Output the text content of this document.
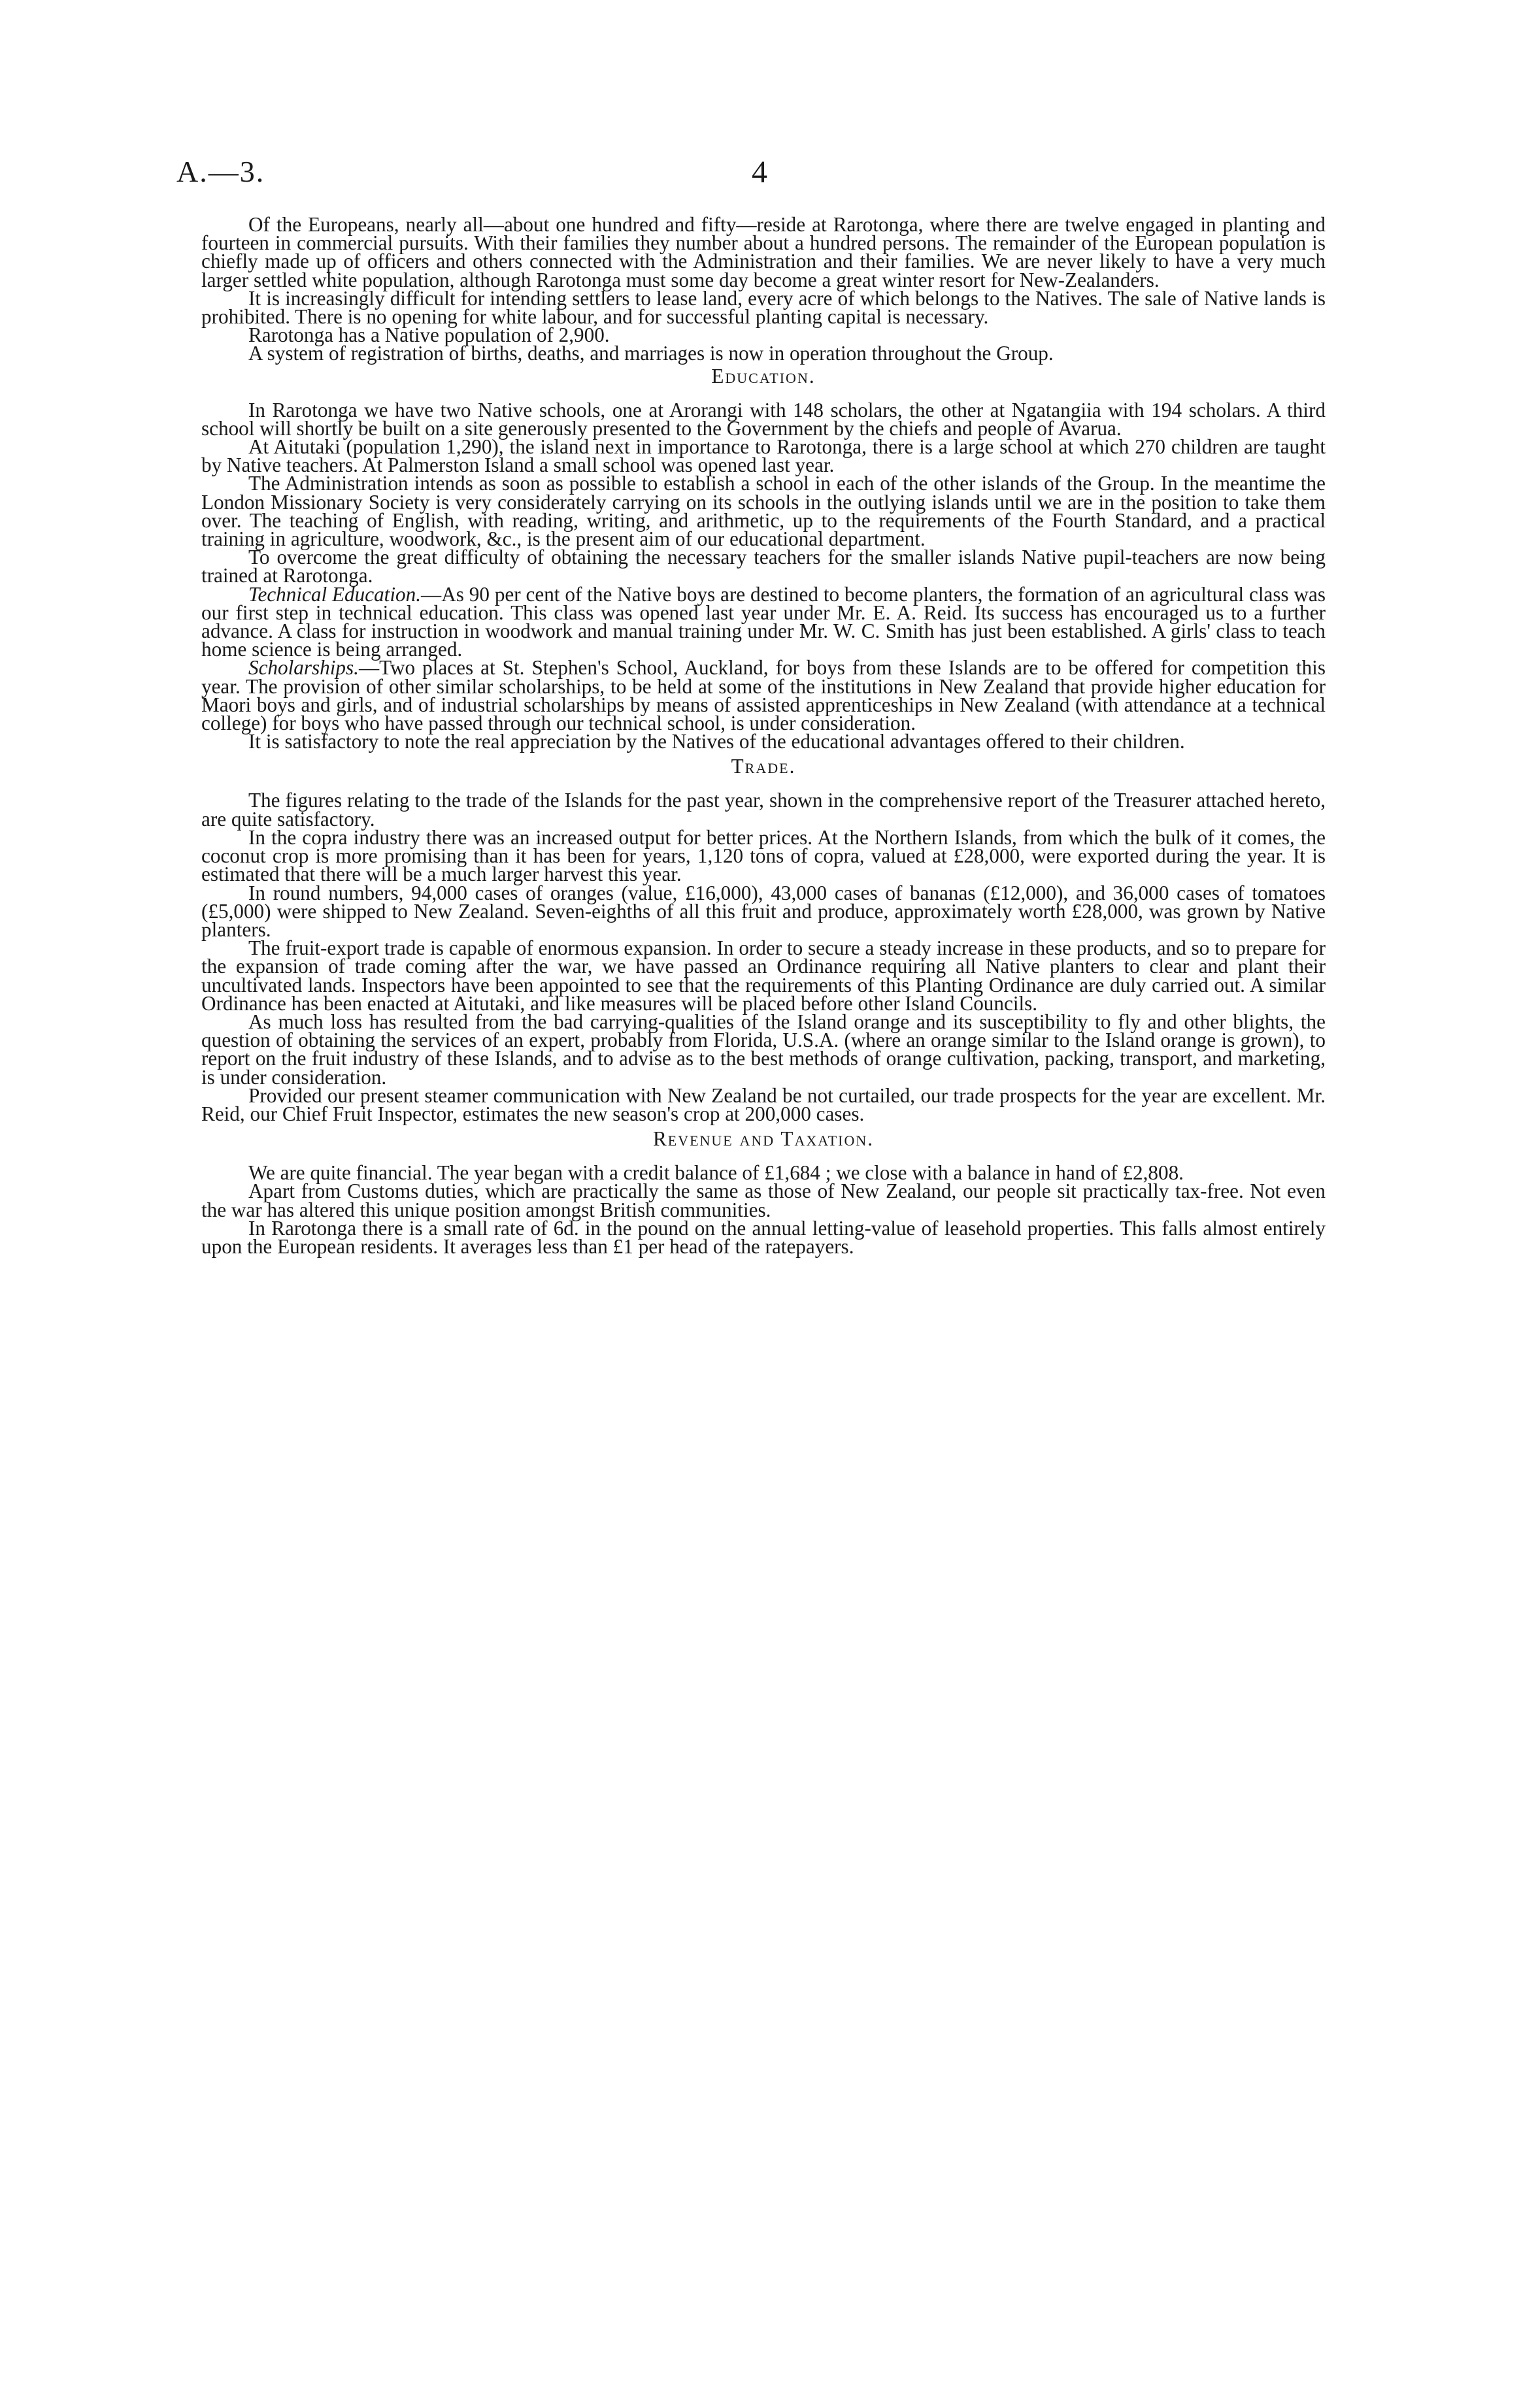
A.—3.	4

Of the Europeans, nearly all—about one hundred and fifty—reside at Rarotonga, where there are twelve engaged in planting and fourteen in commercial pursuits. With their families they number about a hundred persons. The remainder of the European population is chiefly made up of officers and others connected with the Administration and their families. We are never likely to have a very much larger settled white population, although Rarotonga must some day become a great winter resort for New-Zealanders.

It is increasingly difficult for intending settlers to lease land, every acre of which belongs to the Natives. The sale of Native lands is prohibited. There is no opening for white labour, and for successful planting capital is necessary.

Rarotonga has a Native population of 2,900.

A system of registration of births, deaths, and marriages is now in operation throughout the Group.

Education.

In Rarotonga we have two Native schools, one at Arorangi with 148 scholars, the other at Ngatangiia with 194 scholars. A third school will shortly be built on a site generously presented to the Government by the chiefs and people of Avarua.

At Aitutaki (population 1,290), the island next in importance to Rarotonga, there is a large school at which 270 children are taught by Native teachers. At Palmerston Island a small school was opened last year.

The Administration intends as soon as possible to establish a school in each of the other islands of the Group. In the meantime the London Missionary Society is very considerately carrying on its schools in the outlying islands until we are in the position to take them over. The teaching of English, with reading, writing, and arithmetic, up to the requirements of the Fourth Standard, and a practical training in agriculture, woodwork, &c., is the present aim of our educational department.

To overcome the great difficulty of obtaining the necessary teachers for the smaller islands Native pupil-teachers are now being trained at Rarotonga.

Technical Education.—As 90 per cent of the Native boys are destined to become planters, the formation of an agricultural class was our first step in technical education. This class was opened last year under Mr. E. A. Reid. Its success has encouraged us to a further advance. A class for instruction in woodwork and manual training under Mr. W. C. Smith has just been established. A girls' class to teach home science is being arranged.

Scholarships.—Two places at St. Stephen's School, Auckland, for boys from these Islands are to be offered for competition this year. The provision of other similar scholarships, to be held at some of the institutions in New Zealand that provide higher education for Maori boys and girls, and of industrial scholarships by means of assisted apprenticeships in New Zealand (with attendance at a technical college) for boys who have passed through our technical school, is under consideration.

It is satisfactory to note the real appreciation by the Natives of the educational advantages offered to their children.

Trade.

The figures relating to the trade of the Islands for the past year, shown in the comprehensive report of the Treasurer attached hereto, are quite satisfactory.

In the copra industry there was an increased output for better prices. At the Northern Islands, from which the bulk of it comes, the coconut crop is more promising than it has been for years, 1,120 tons of copra, valued at £28,000, were exported during the year. It is estimated that there will be a much larger harvest this year.

In round numbers, 94,000 cases of oranges (value, £16,000), 43,000 cases of bananas (£12,000), and 36,000 cases of tomatoes (£5,000) were shipped to New Zealand. Seven-eighths of all this fruit and produce, approximately worth £28,000, was grown by Native planters.

The fruit-export trade is capable of enormous expansion. In order to secure a steady increase in these products, and so to prepare for the expansion of trade coming after the war, we have passed an Ordinance requiring all Native planters to clear and plant their uncultivated lands. Inspectors have been appointed to see that the requirements of this Planting Ordinance are duly carried out. A similar Ordinance has been enacted at Aitutaki, and like measures will be placed before other Island Councils.

As much loss has resulted from the bad carrying-qualities of the Island orange and its susceptibility to fly and other blights, the question of obtaining the services of an expert, probably from Florida, U.S.A. (where an orange similar to the Island orange is grown), to report on the fruit industry of these Islands, and to advise as to the best methods of orange cultivation, packing, transport, and marketing, is under consideration.

Provided our present steamer communication with New Zealand be not curtailed, our trade prospects for the year are excellent. Mr. Reid, our Chief Fruit Inspector, estimates the new season's crop at 200,000 cases.

Revenue and Taxation.

We are quite financial. The year began with a credit balance of £1,684 ; we close with a balance in hand of £2,808.

Apart from Customs duties, which are practically the same as those of New Zealand, our people sit practically tax-free. Not even the war has altered this unique position amongst British communities.

In Rarotonga there is a small rate of 6d. in the pound on the annual letting-value of leasehold properties. This falls almost entirely upon the European residents. It averages less than £1 per head of the ratepayers.
